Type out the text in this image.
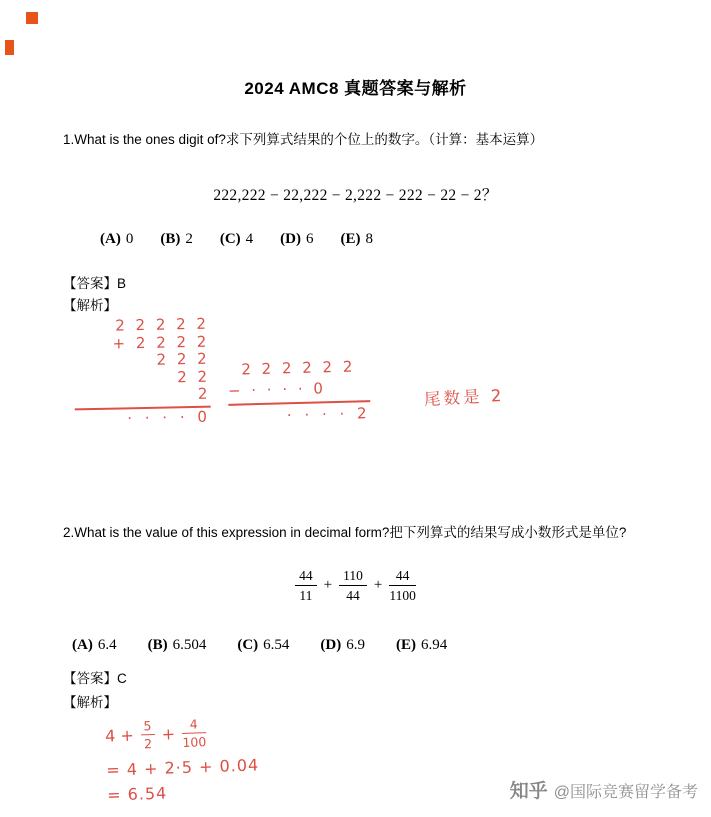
2024 AMC8 真题答案与解析
1.What is the ones digit of?求下列算式结果的个位上的数字。（计算：基本运算）
222,222 − 22,222 − 2,222 − 222 − 22 − 2？
(A) 0 (B) 2 (C) 4 (D) 6 (E) 8
【答案】B
【解析】
2 2 2 2 2
+ 2 2 2 2
2 2 2
2 2
2
· · · · 0
2 2 2 2 2 2
− · · · · 0
· · · · 2
尾数是 2
2.What is the value of this expression in decimal form?把下列算式的结果写成小数形式是单位?
$\frac{44}{11} + \frac{110}{44} + \frac{44}{1100}$
(A) 6.4 (B) 6.504 (C) 6.54 (D) 6.9 (E) 6.94
【答案】C
【解析】
$4 + \frac{5}{2} + \frac{4}{100}$
= 4 + 2·5 + 0.04
= 6.54	知乎 @国际竞赛留学备考
